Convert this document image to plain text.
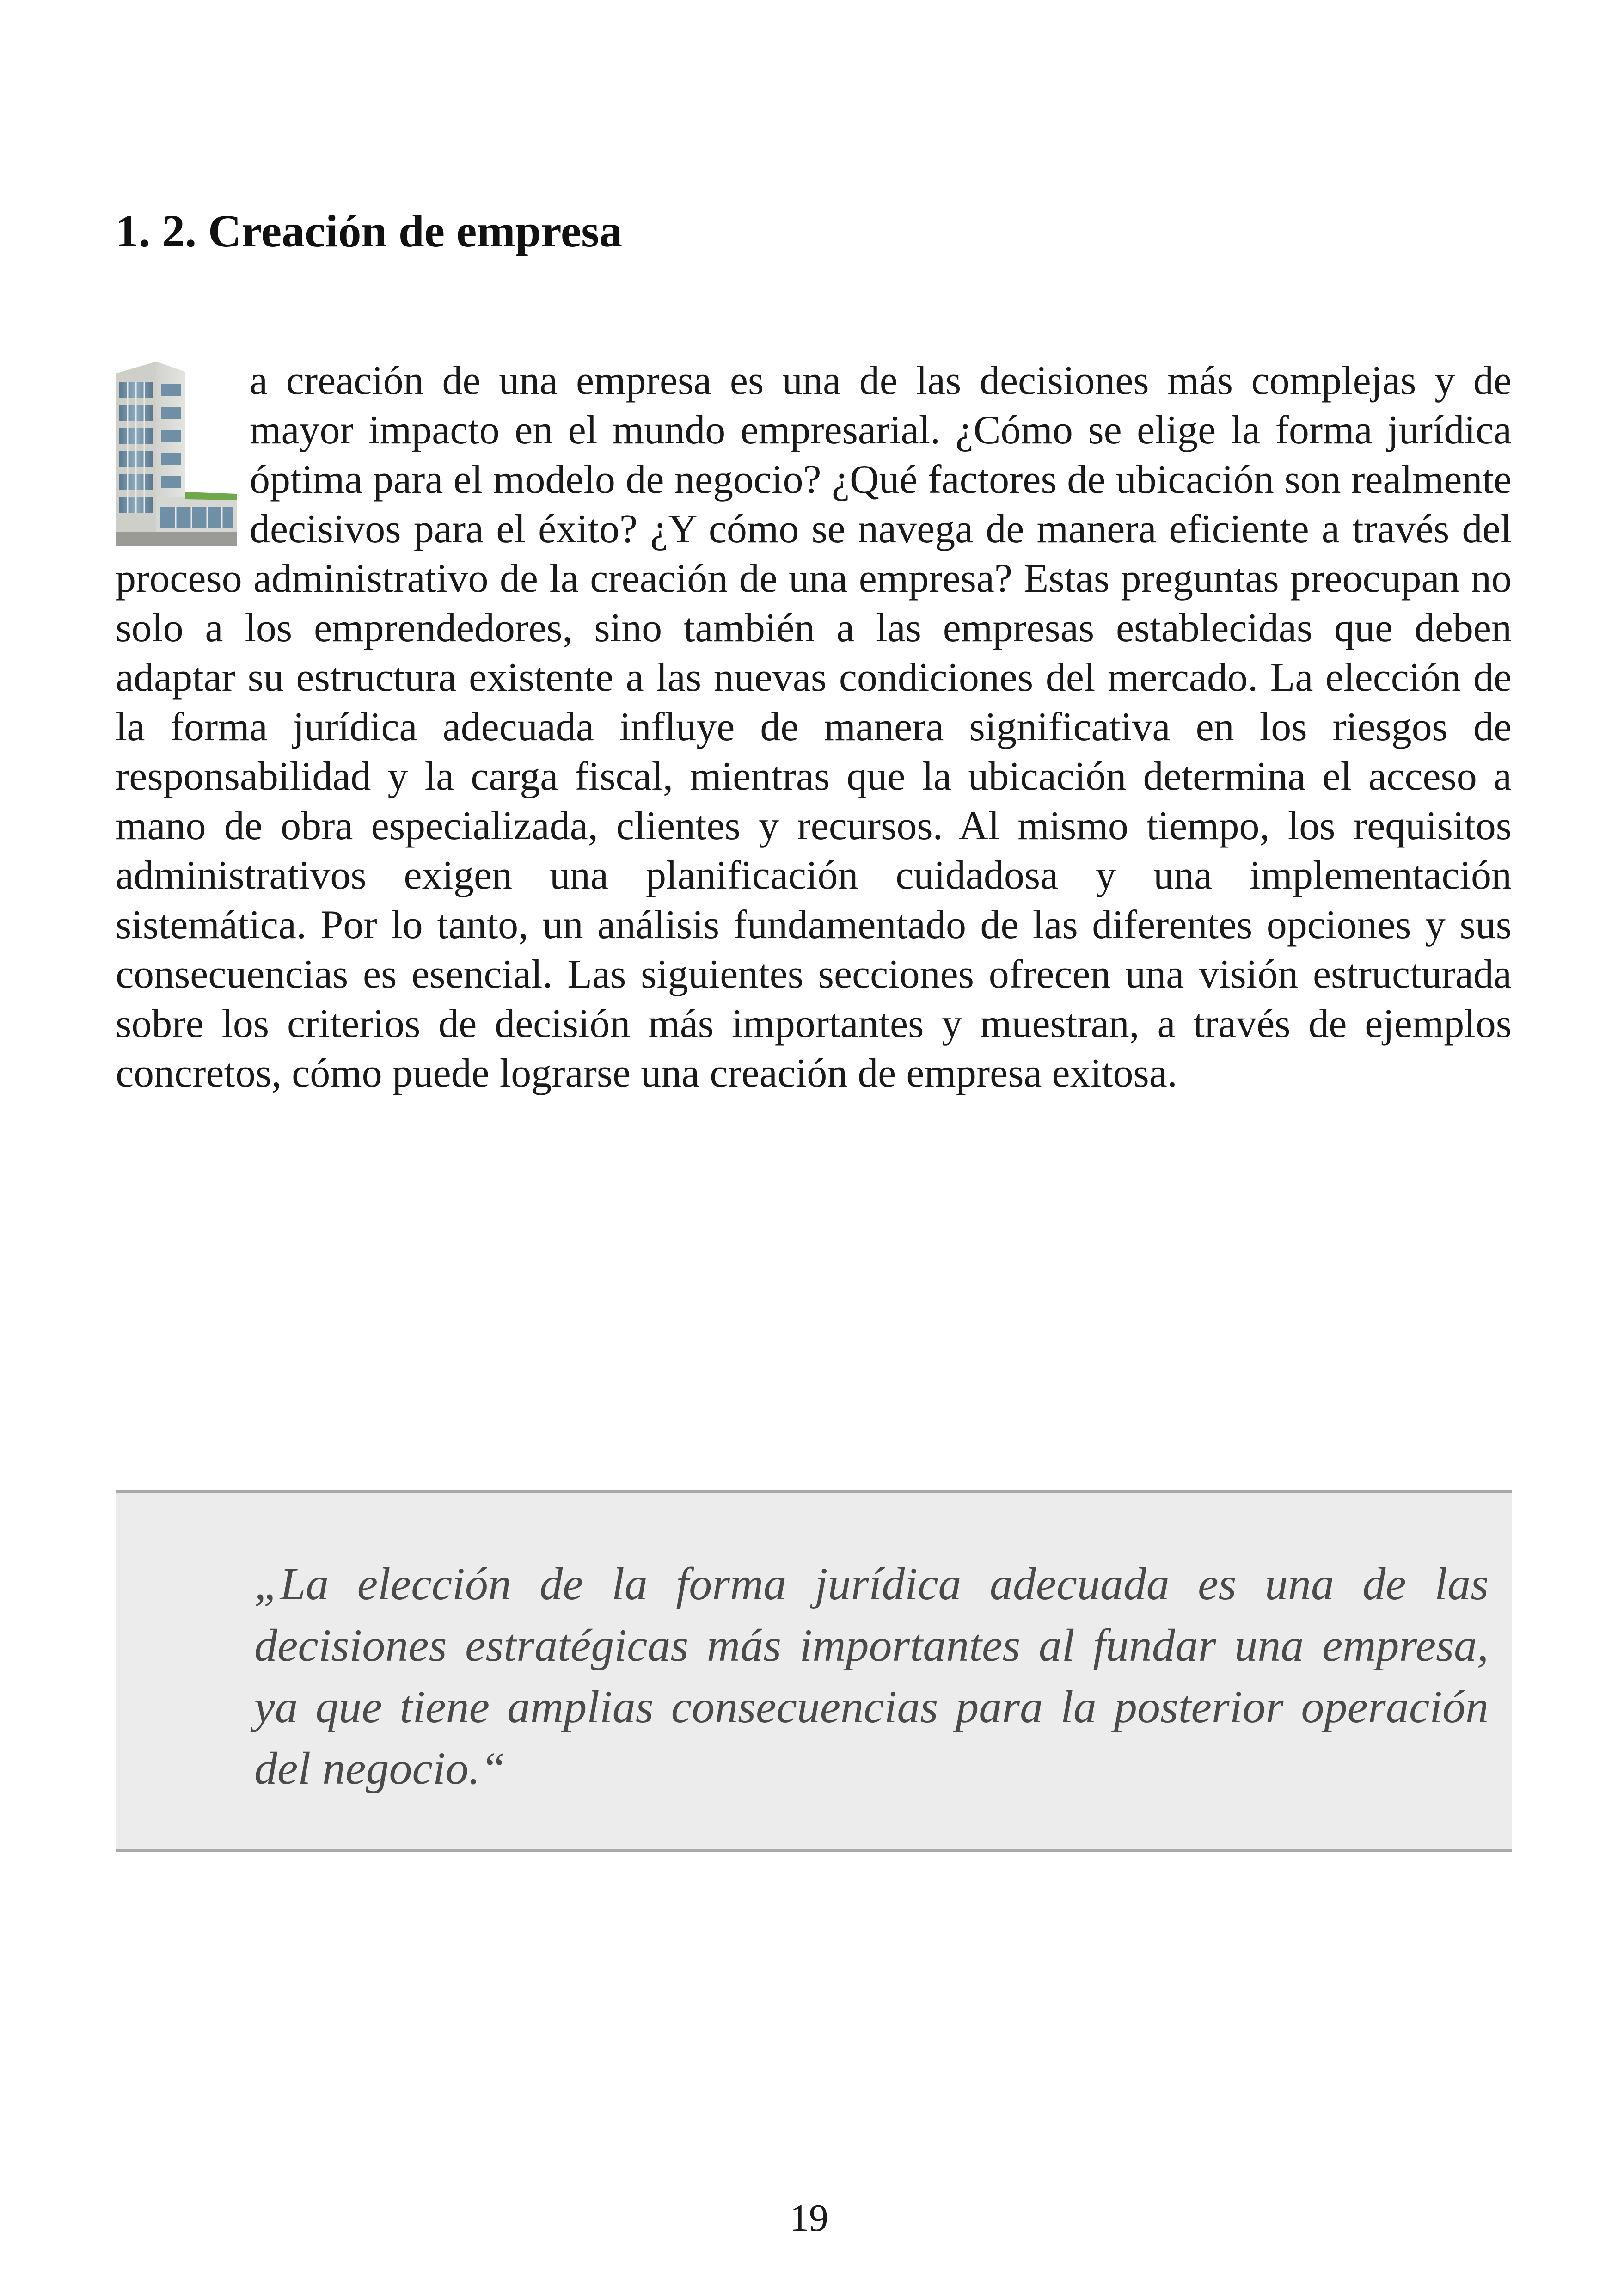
1. 2. Creación de empresa

a creación de una empresa es una de las decisiones más complejas y de mayor impacto en el mundo empresarial. ¿Cómo se elige la forma jurídica óptima para el modelo de negocio? ¿Qué factores de ubicación son realmente decisivos para el éxito? ¿Y cómo se navega de manera eficiente a través del proceso administrativo de la creación de una empresa? Estas preguntas preocupan no solo a los emprendedores, sino también a las empresas establecidas que deben adaptar su estructura existente a las nuevas condiciones del mercado. La elección de la forma jurídica adecuada influye de manera significativa en los riesgos de responsabilidad y la carga fiscal, mientras que la ubicación determina el acceso a mano de obra especializada, clientes y recursos. Al mismo tiempo, los requisitos administrativos exigen una planificación cuidadosa y una implementación sistemática. Por lo tanto, un análisis fundamentado de las diferentes opciones y sus consecuencias es esencial. Las siguientes secciones ofrecen una visión estructurada sobre los criterios de decisión más importantes y muestran, a través de ejemplos concretos, cómo puede lograrse una creación de empresa exitosa.

„La elección de la forma jurídica adecuada es una de las decisiones estratégicas más importantes al fundar una empresa, ya que tiene amplias consecuencias para la posterior operación del negocio.“

19
